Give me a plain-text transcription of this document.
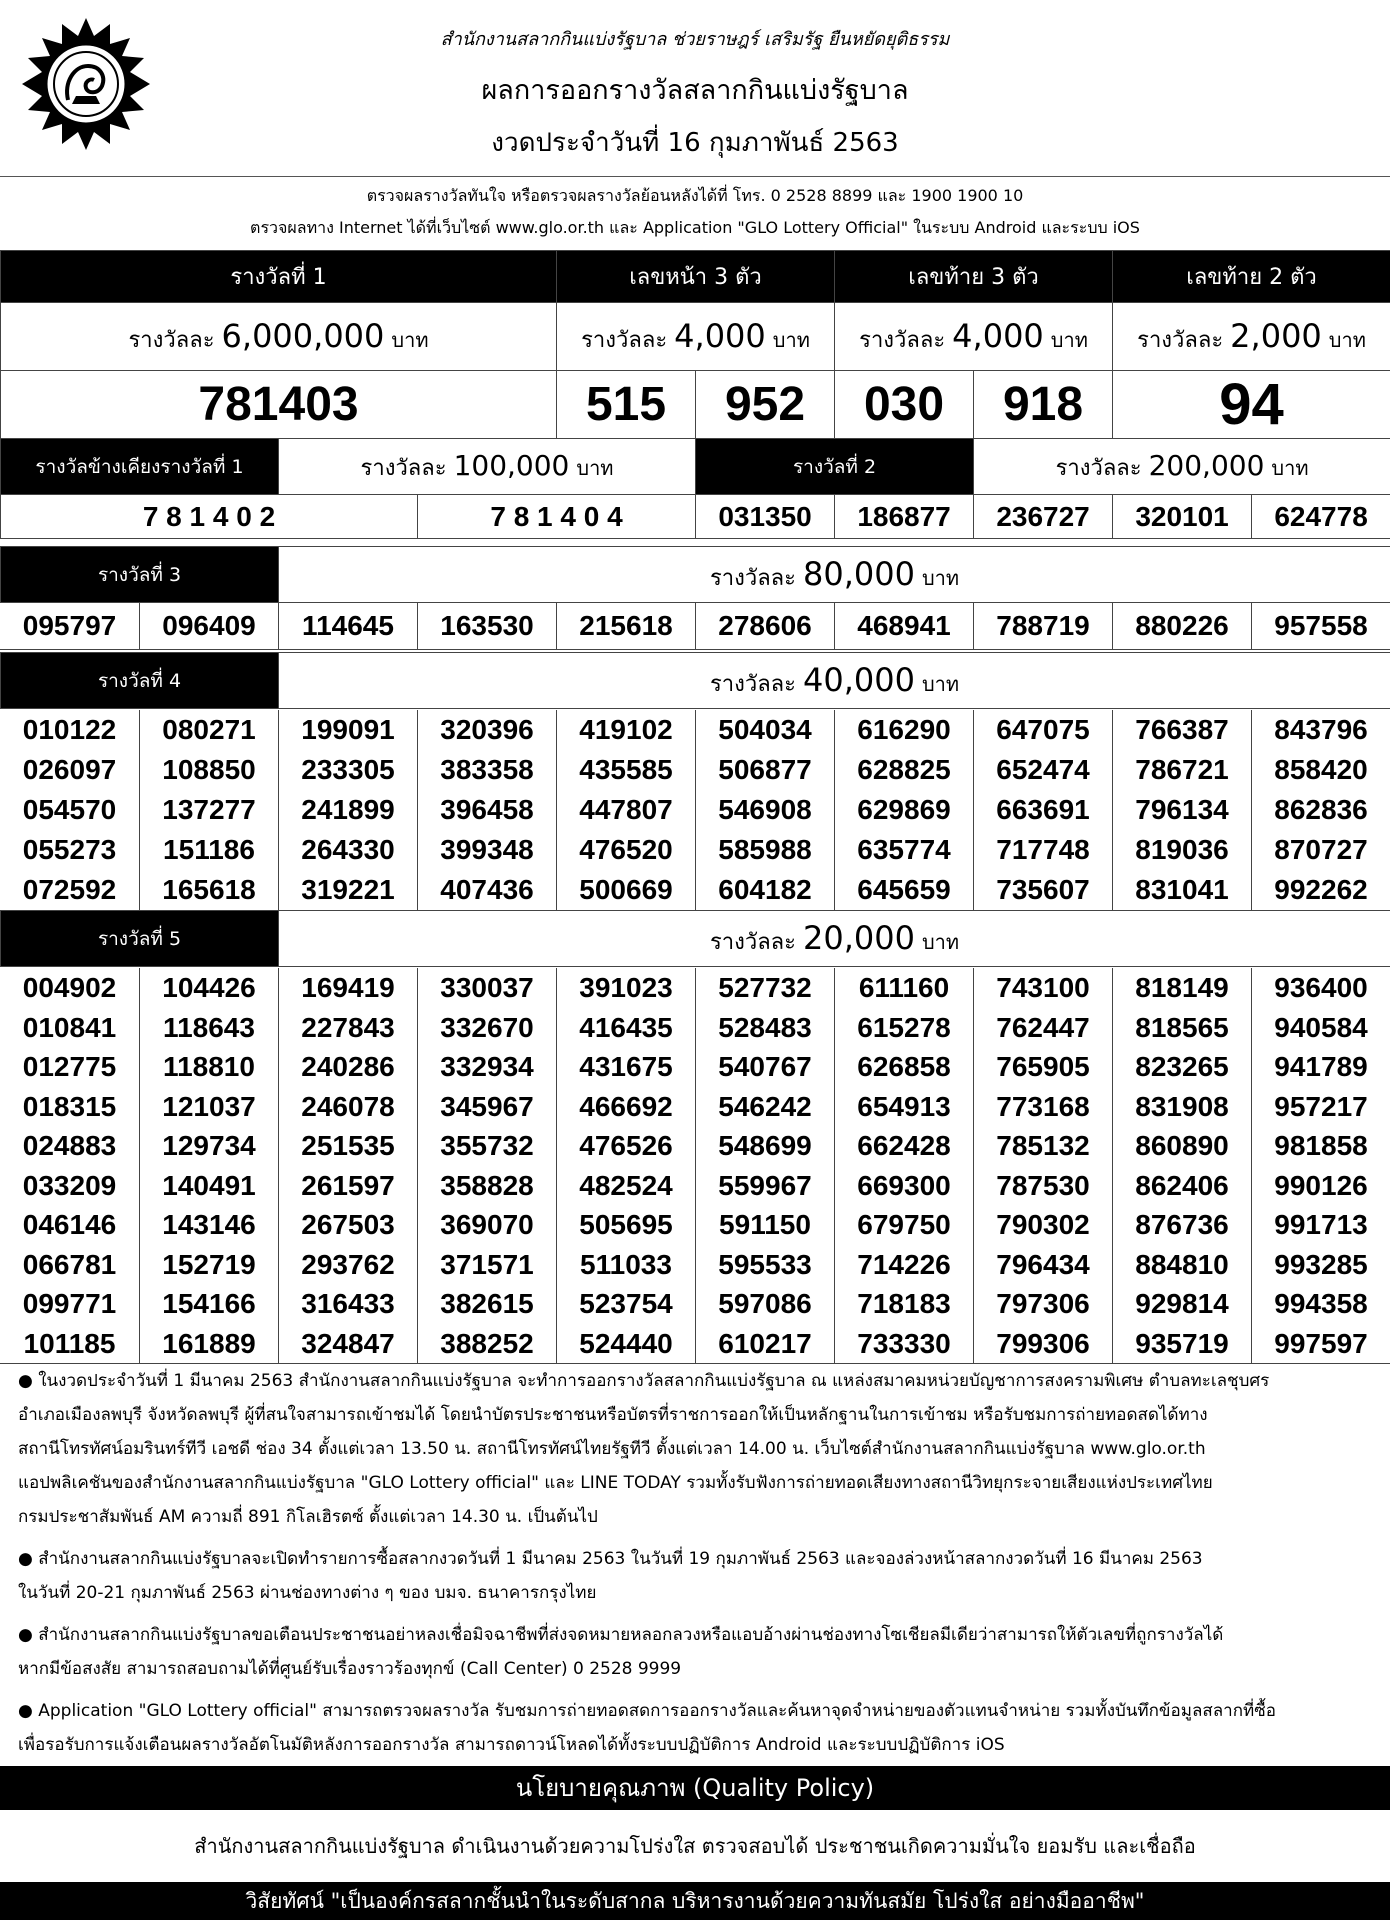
สำนักงานสลากกินแบ่งรัฐบาล ช่วยราษฎร์ เสริมรัฐ ยืนหยัดยุติธรรม
ผลการออกรางวัลสลากกินแบ่งรัฐบาล
งวดประจำวันที่ 16 กุมภาพันธ์ 2563
ตรวจผลรางวัลทันใจ หรือตรวจผลรางวัลย้อนหลังได้ที่ โทร. 0 2528 8899 และ 1900 1900 10
ตรวจผลทาง Internet ได้ที่เว็บไซต์ www.glo.or.th และ Application "GLO Lottery Official" ในระบบ Android และระบบ iOS
รางวัลที่ 1	เลขหน้า 3 ตัว		เลขท้าย 3 ตัว		เลขท้าย 2 ตัว
รางวัลละ 6,000,000 บาท	รางวัลละ 4,000 บาท		รางวัลละ 4,000 บาท		รางวัลละ 2,000 บาท
781403	515	952	030	918	94
รางวัลข้างเคียงรางวัลที่ 1	รางวัลละ 100,000 บาท		รางวัลที่ 2		รางวัลละ 200,000 บาท		
7 8 1 4 0 2		7 8 1 4 0 4	031350	186877	236727	320101	624778
รางวัลที่ 3	รางวัลละ 80,000 บาท
095797	096409	114645	163530	215618	278606	468941	788719	880226	957558
รางวัลที่ 4	รางวัลละ 40,000 บาท
010122	080271	199091	320396	419102	504034	616290	647075	766387	843796
026097	108850	233305	383358	435585	506877	628825	652474	786721	858420
054570	137277	241899	396458	447807	546908	629869	663691	796134	862836
055273	151186	264330	399348	476520	585988	635774	717748	819036	870727
072592	165618	319221	407436	500669	604182	645659	735607	831041	992262
รางวัลที่ 5	รางวัลละ 20,000 บาท
004902	104426	169419	330037	391023	527732	611160	743100	818149	936400
010841	118643	227843	332670	416435	528483	615278	762447	818565	940584
012775	118810	240286	332934	431675	540767	626858	765905	823265	941789
018315	121037	246078	345967	466692	546242	654913	773168	831908	957217
024883	129734	251535	355732	476526	548699	662428	785132	860890	981858
033209	140491	261597	358828	482524	559967	669300	787530	862406	990126
046146	143146	267503	369070	505695	591150	679750	790302	876736	991713
066781	152719	293762	371571	511033	595533	714226	796434	884810	993285
099771	154166	316433	382615	523754	597086	718183	797306	929814	994358
101185	161889	324847	388252	524440	610217	733330	799306	935719	997597
● ในงวดประจำวันที่ 1 มีนาคม 2563 สำนักงานสลากกินแบ่งรัฐบาล จะทำการออกรางวัลสลากกินแบ่งรัฐบาล ณ แหล่งสมาคมหน่วยบัญชาการสงครามพิเศษ ตำบลทะเลชุบศร
อำเภอเมืองลพบุรี จังหวัดลพบุรี ผู้ที่สนใจสามารถเข้าชมได้ โดยนำบัตรประชาชนหรือบัตรที่ราชการออกให้เป็นหลักฐานในการเข้าชม หรือรับชมการถ่ายทอดสดได้ทาง
สถานีโทรทัศน์อมรินทร์ทีวี เอชดี ช่อง 34 ตั้งแต่เวลา 13.50 น. สถานีโทรทัศน์ไทยรัฐทีวี ตั้งแต่เวลา 14.00 น. เว็บไซต์สำนักงานสลากกินแบ่งรัฐบาล www.glo.or.th
แอปพลิเคชันของสำนักงานสลากกินแบ่งรัฐบาล "GLO Lottery official" และ LINE TODAY รวมทั้งรับฟังการถ่ายทอดเสียงทางสถานีวิทยุกระจายเสียงแห่งประเทศไทย
กรมประชาสัมพันธ์ AM ความถี่ 891 กิโลเฮิรตซ์ ตั้งแต่เวลา 14.30 น. เป็นต้นไป
● สำนักงานสลากกินแบ่งรัฐบาลจะเปิดทำรายการซื้อสลากงวดวันที่ 1 มีนาคม 2563 ในวันที่ 19 กุมภาพันธ์ 2563 และจองล่วงหน้าสลากงวดวันที่ 16 มีนาคม 2563
ในวันที่ 20-21 กุมภาพันธ์ 2563 ผ่านช่องทางต่าง ๆ ของ บมจ. ธนาคารกรุงไทย
● สำนักงานสลากกินแบ่งรัฐบาลขอเตือนประชาชนอย่าหลงเชื่อมิจฉาชีพที่ส่งจดหมายหลอกลวงหรือแอบอ้างผ่านช่องทางโซเชียลมีเดียว่าสามารถให้ตัวเลขที่ถูกรางวัลได้
หากมีข้อสงสัย สามารถสอบถามได้ที่ศูนย์รับเรื่องราวร้องทุกข์ (Call Center) 0 2528 9999
● Application "GLO Lottery official" สามารถตรวจผลรางวัล รับชมการถ่ายทอดสดการออกรางวัลและค้นหาจุดจำหน่ายของตัวแทนจำหน่าย รวมทั้งบันทึกข้อมูลสลากที่ซื้อ
เพื่อรอรับการแจ้งเตือนผลรางวัลอัตโนมัติหลังการออกรางวัล สามารถดาวน์โหลดได้ทั้งระบบปฏิบัติการ Android และระบบปฏิบัติการ iOS
นโยบายคุณภาพ (Quality Policy)
สำนักงานสลากกินแบ่งรัฐบาล ดำเนินงานด้วยความโปร่งใส ตรวจสอบได้ ประชาชนเกิดความมั่นใจ ยอมรับ และเชื่อถือ
วิสัยทัศน์ "เป็นองค์กรสลากชั้นนำในระดับสากล บริหารงานด้วยความทันสมัย โปร่งใส อย่างมืออาชีพ"
